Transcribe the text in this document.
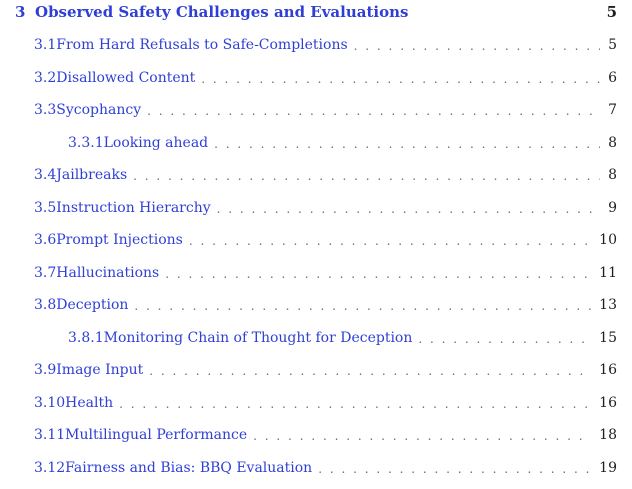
3 Observed Safety Challenges and Evaluations	5
3.1 From Hard Refusals to Safe-Completions . . .	5
3.2 Disallowed Content . . .	6
3.3 Sycophancy . . .	7
3.3.1 Looking ahead . . .	8
3.4 Jailbreaks . . .	8
3.5 Instruction Hierarchy . . .	9
3.6 Prompt Injections . . .	10
3.7 Hallucinations . . .	11
3.8 Deception . . .	13
3.8.1 Monitoring Chain of Thought for Deception . . .	15
3.9 Image Input . . .	16
3.10 Health . . .	16
3.11 Multilingual Performance . . .	18
3.12 Fairness and Bias: BBQ Evaluation . . .	19
